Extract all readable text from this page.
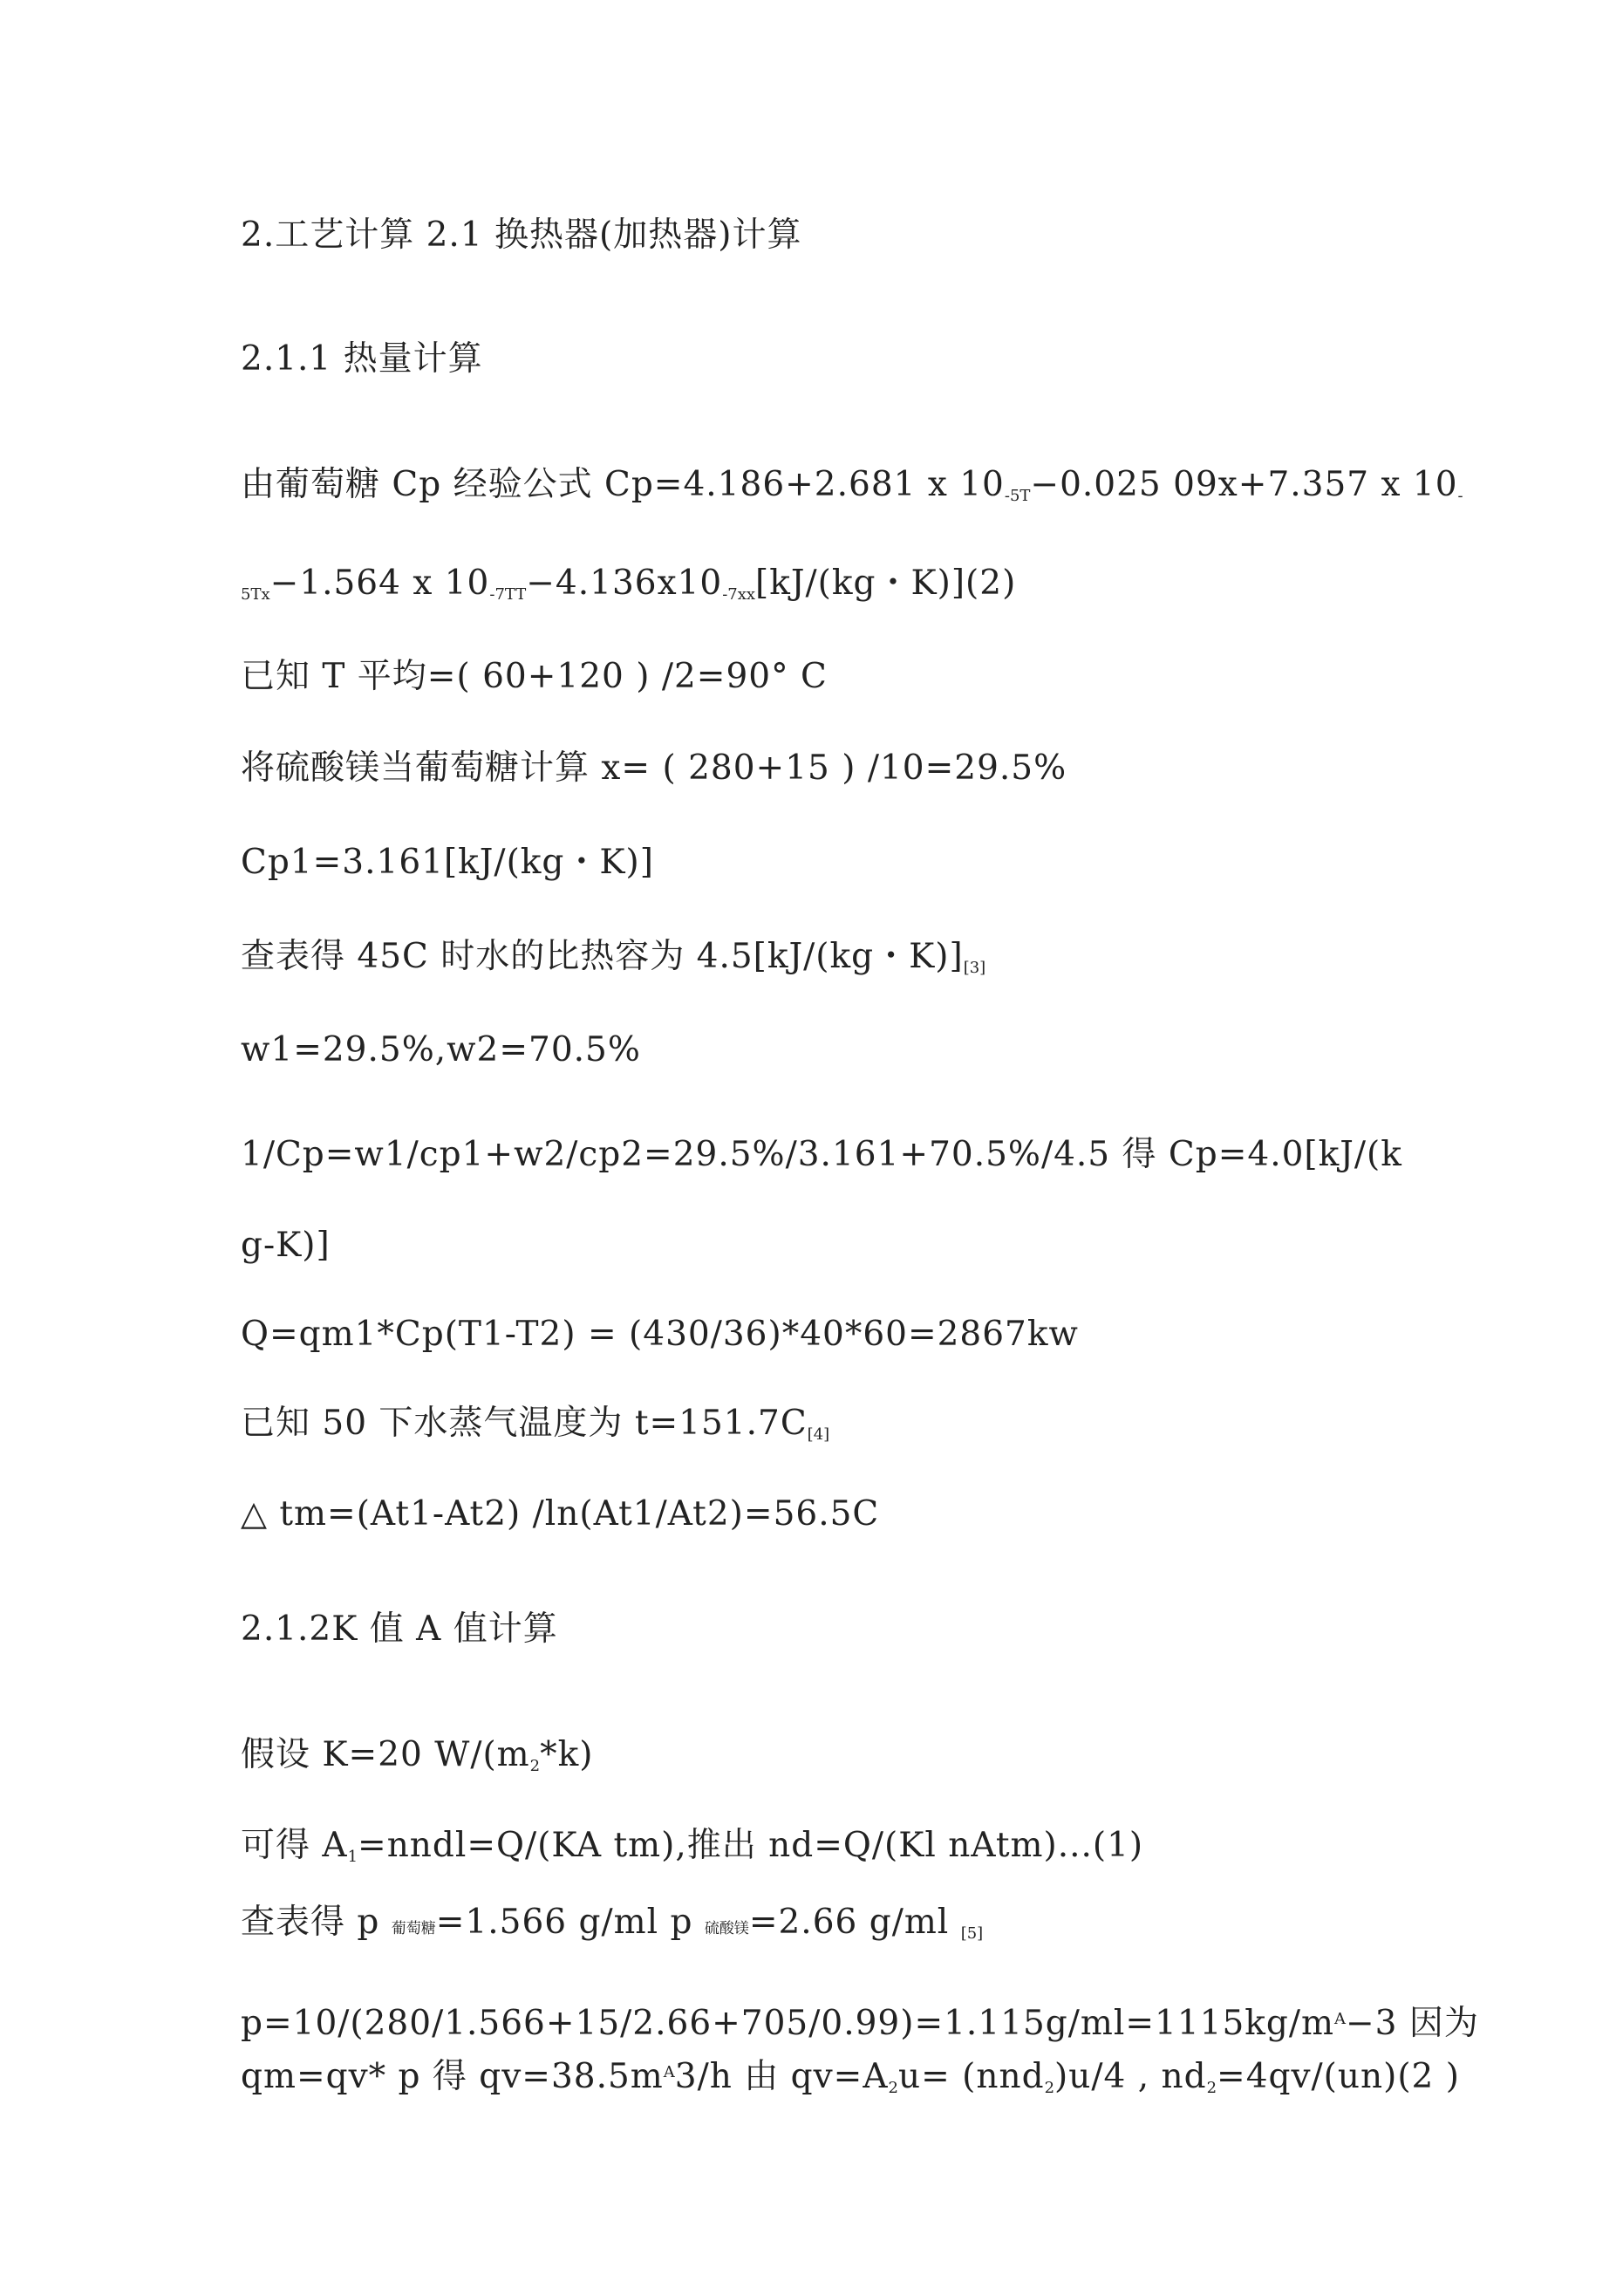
2.工艺计算 2.1 换热器(加热器)计算

2.1.1 热量计算

由葡萄糖 Cp 经验公式 Cp=4.186+2.681 x $10_{-5T}-0.025$ 09x+7.357 x $10_-$

$_{5Tx}$−1.564 x $10_{-7TT}-4.136x10_{-7xx}[kJ/(kg$・K)](2)

已知 T 平均=( 60+120 ) /2=90° C

将硫酸镁当葡萄糖计算 x= ( 280+15 ) /10=29.5%

Cp1=3.161[kJ/(kg・K)]

查表得 45C 时水的比热容为 4.5[kJ/(kg・$K)]_{[3]}$

w1=29.5%,w2=70.5%

1/Cp=w1/cp1+w2/cp2=29.5%/3.161+70.5%/4.5 得 Cp=4.0[kJ/(k

g-K)]

Q=qm1*Cp(T1-T2) = (430/36)*40*60=2867kw

已知 50 下水蒸气温度为 $t=151.7C_{[4]}$

△ tm=(At1-At2) /ln(At1/At2)=56.5C

2.1.2K 值 A 值计算

假设 K=20 $W/(m_2*k)$

可得 $A_1=nndl=Q/(KA$ tm),推出 nd=Q/(Kl nAtm)...(1)

查表得 p 葡萄糖=1.566 g/ml p 硫酸镁=2.66 g/ml $_{[5]}$

$p=10/(280/1.566+15/2.66+705/0.99)=1.115g/ml=1115kg/m^A-3$ 因为

qm=qv* p 得 $qv=38.5m^A3/h$ 由 $qv=A_2u= (nnd_2)u/4$ , $nd_2=4qv/(un)(2$ )
